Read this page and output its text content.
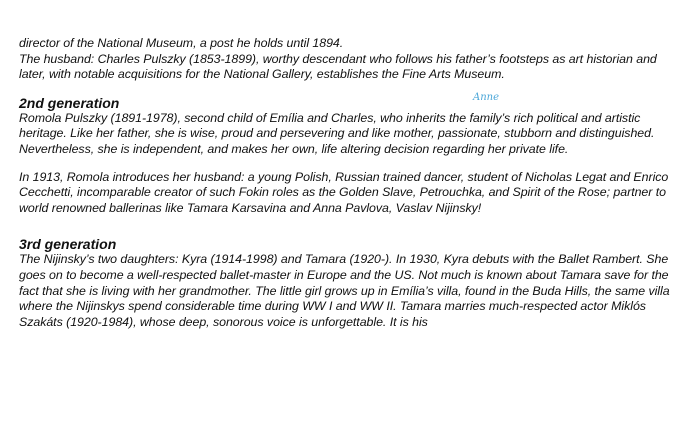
director of the National Museum, a post he holds until 1894.

The husband: Charles Pulszky (1853-1899), worthy descendant who follows his father’s footsteps as art historian and later, with notable acquisitions for the National Gallery, establishes the Fine Arts Museum.

2nd generation

Romola Pulszky (1891-1978), second child of Emília and Charles, who inherits the family’s rich political and artistic heritage. Like her father, she is wise, proud and persevering and like mother, passionate, stubborn and distinguished. Nevertheless, she is independent, and makes her own, life altering decision regarding her private life.

In 1913, Romola introduces her husband: a young Polish, Russian trained dancer, student of Nicholas Legat and Enrico Cecchetti, incomparable creator of such Fokin roles as the Golden Slave, Petrouchka, and Spirit of the Rose; partner to world renowned ballerinas like Tamara Karsavina and Anna Pavlova, Vaslav Nijinsky!

3rd generation

The Nijinsky’s two daughters: Kyra (1914-1998) and Tamara (1920-). In 1930, Kyra debuts with the Ballet Rambert. She goes on to become a well-respected ballet-master in Europe and the US. Not much is known about Tamara save for the fact that she is living with her grandmother. The little girl grows up in Emília’s villa, found in the Buda Hills, the same villa where the Nijinskys spend considerable time during WW I and WW II. Tamara marries much-respected actor Miklós Szakáts (1920-1984), whose deep, sonorous voice is unforgettable. It is his

Anne
